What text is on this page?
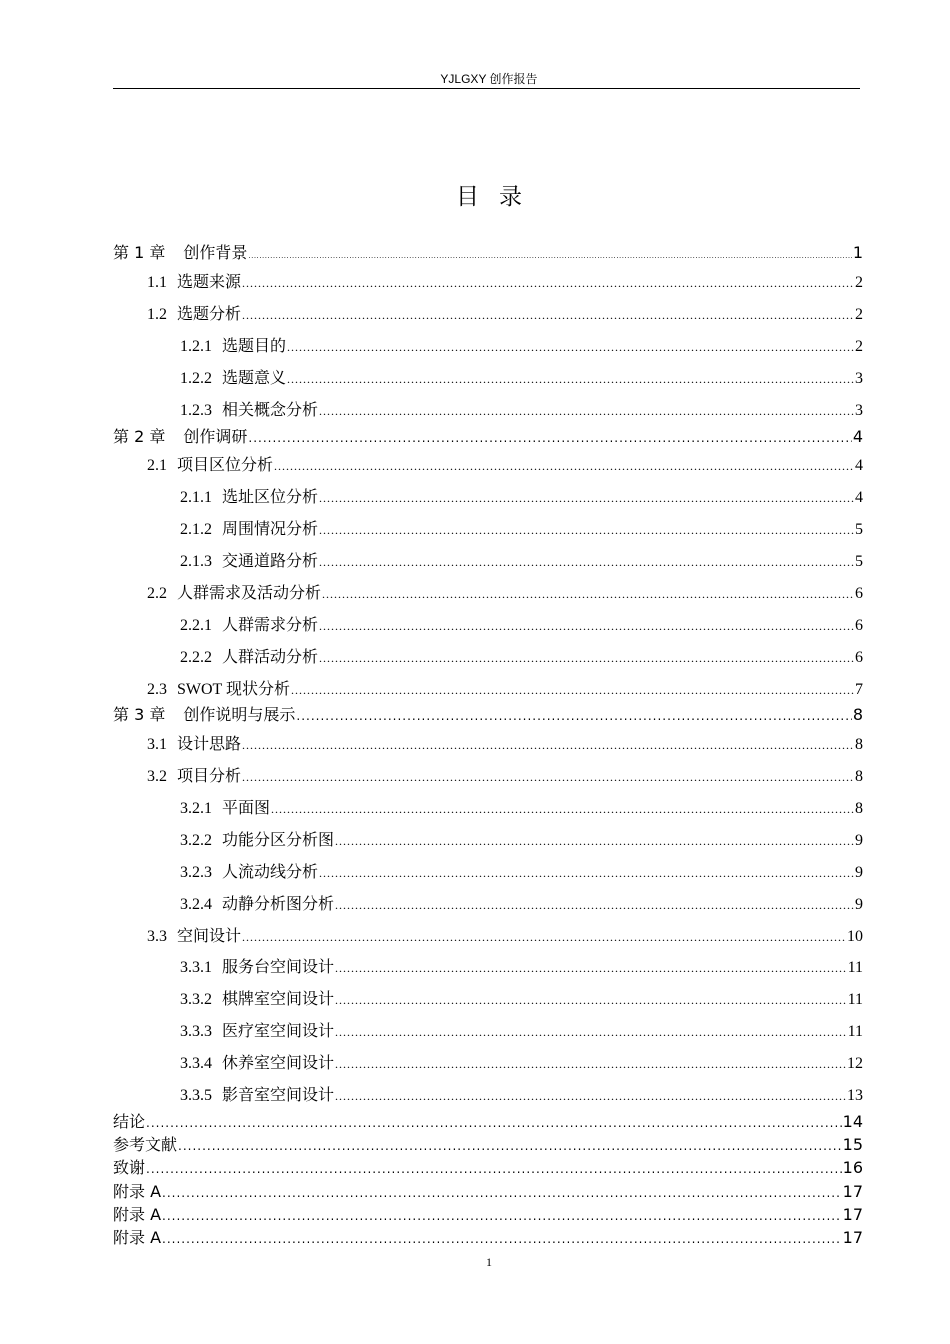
YJLGXY 创作报告
目录
第 1 章 创作背景 .....	1
1.1 选题来源 .....	2
1.2 选题分析 .....	2
1.2.1 选题目的 .....	2
1.2.2 选题意义 .....	3
1.2.3 相关概念分析 .....	3
第 2 章 创作调研 .....	4
2.1 项目区位分析 .....	4
2.1.1 选址区位分析 .....	4
2.1.2 周围情况分析 .....	5
2.1.3 交通道路分析 .....	5
2.2 人群需求及活动分析 .....	6
2.2.1 人群需求分析 .....	6
2.2.2 人群活动分析 .....	6
2.3 SWOT 现状分析 .....	7
第 3 章 创作说明与展示 .....	8
3.1 设计思路 .....	8
3.2 项目分析 .....	8
3.2.1 平面图 .....	8
3.2.2 功能分区分析图 .....	9
3.2.3 人流动线分析 .....	9
3.2.4 动静分析图分析 .....	9
3.3 空间设计 .....	10
3.3.1 服务台空间设计 .....	11
3.3.2 棋牌室空间设计 .....	11
3.3.3 医疗室空间设计 .....	11
3.3.4 休养室空间设计 .....	12
3.3.5 影音室空间设计 .....	13
结论 .....	14
参考文献 .....	15
致谢 .....	16
附录 A .....	17
附录 A .....	17
附录 A .....	17
1
